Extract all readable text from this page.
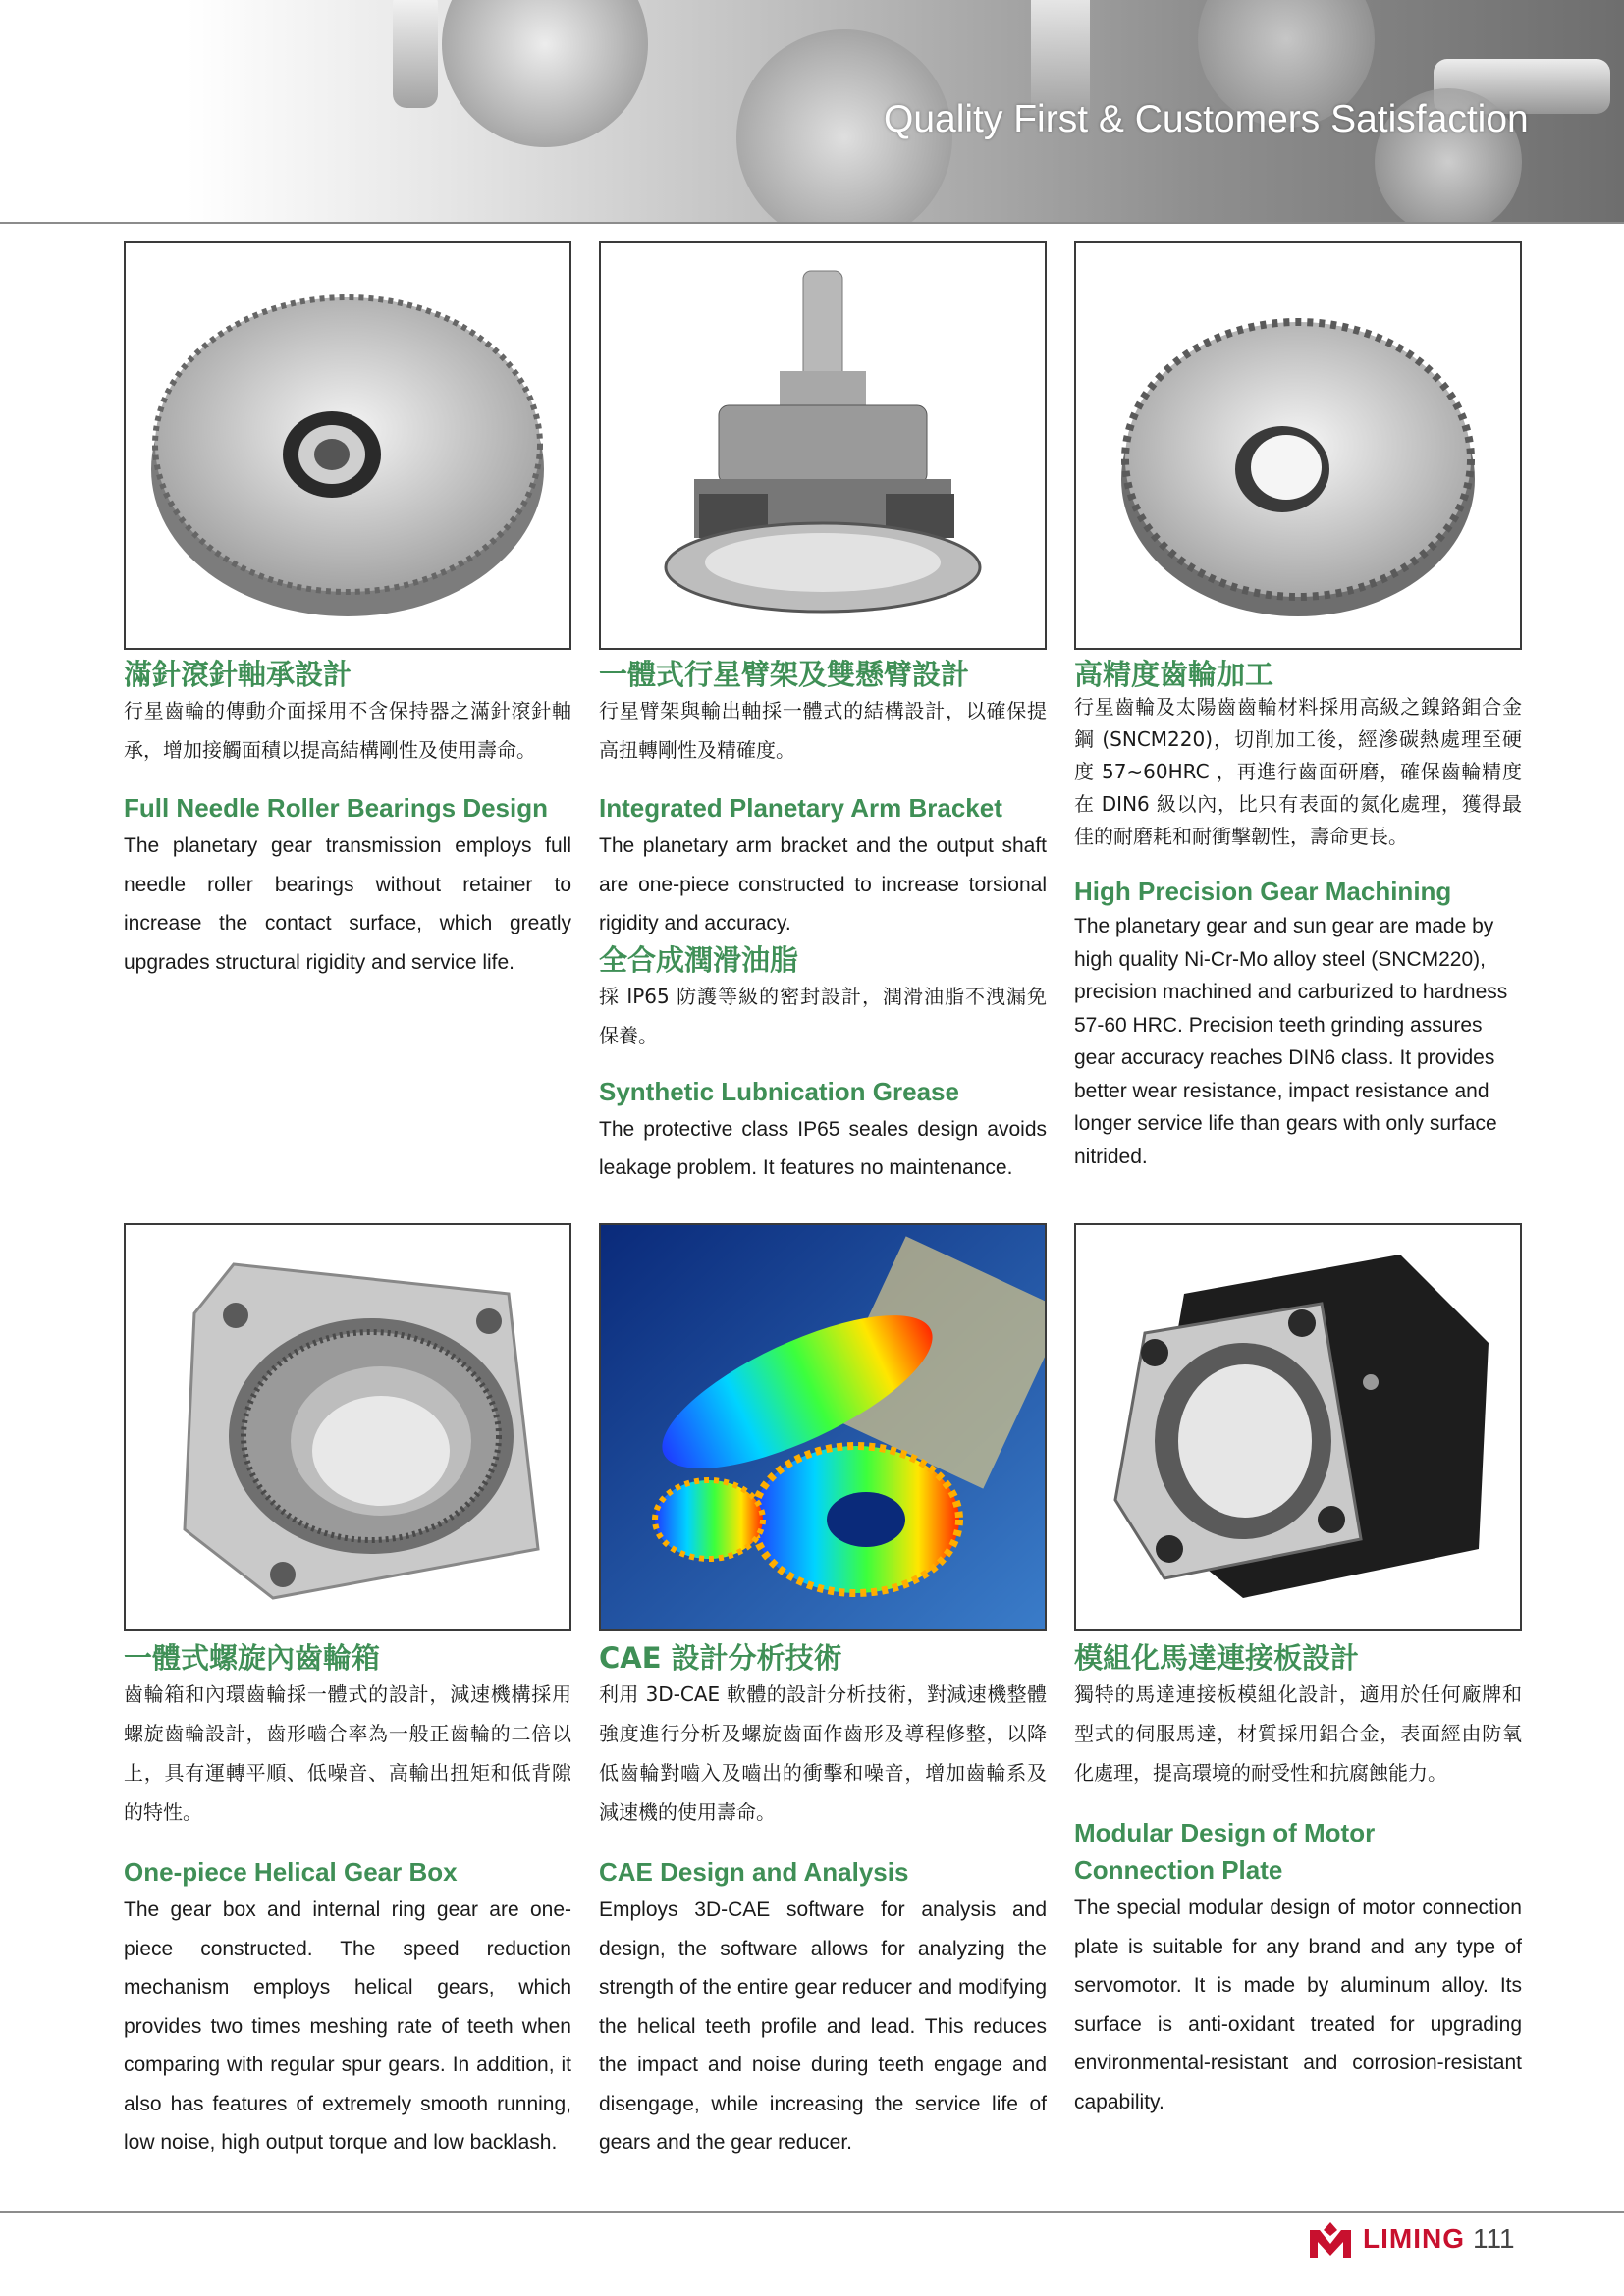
Quality First & Customers Satisfaction
滿針滾針軸承設計

行星齒輪的傳動介面採用不含保持器之滿針滾針軸承，增加接觸面積以提高結構剛性及使用壽命。

Full Needle Roller Bearings Design

The planetary gear transmission employs full needle roller bearings without retainer to increase the contact surface, which greatly upgrades structural rigidity and service life.

一體式行星臂架及雙懸臂設計

行星臂架與輸出軸採一體式的結構設計，以確保提高扭轉剛性及精確度。

Integrated Planetary Arm Bracket

The planetary arm bracket and the output shaft are one-piece constructed to increase torsional rigidity and accuracy.

全合成潤滑油脂

採 IP65 防護等級的密封設計，潤滑油脂不洩漏免保養。

Synthetic Lubnication Grease

The protective class IP65 seales design avoids leakage problem. It features no maintenance.

高精度齒輪加工

行星齒輪及太陽齒齒輪材料採用高級之鎳鉻鉬合金鋼 (SNCM220)，切削加工後，經滲碳熱處理至硬度 57~60HRC ，再進行齒面研磨，確保齒輪精度在 DIN6 級以內，比只有表面的氮化處理，獲得最佳的耐磨耗和耐衝擊韌性，壽命更長。

High Precision Gear Machining

The planetary gear and sun gear are made by high quality Ni-Cr-Mo alloy steel (SNCM220), precision machined and carburized to hardness 57-60 HRC. Precision teeth grinding assures gear accuracy reaches DIN6 class. It provides better wear resistance, impact resistance and longer service life than gears with only surface nitrided.

一體式螺旋內齒輪箱

齒輪箱和內環齒輪採一體式的設計，減速機構採用螺旋齒輪設計，齒形嚙合率為一般正齒輪的二倍以上，具有運轉平順、低噪音、高輸出扭矩和低背隙的特性。

One-piece Helical Gear Box

The gear box and internal ring gear are one-piece constructed. The speed reduction mechanism employs helical gears, which provides two times meshing rate of teeth when comparing with regular spur gears. In addition, it also has features of extremely smooth running, low noise, high output torque and low backlash.

CAE 設計分析技術

利用 3D-CAE 軟體的設計分析技術，對減速機整體強度進行分析及螺旋齒面作齒形及導程修整，以降低齒輪對嚙入及嚙出的衝擊和噪音，增加齒輪系及減速機的使用壽命。

CAE Design and Analysis

Employs 3D-CAE software for analysis and design, the software allows for analyzing the strength of the entire gear reducer and modifying the helical teeth profile and lead. This reduces the impact and noise during teeth engage and disengage, while increasing the service life of gears and the gear reducer.

模組化馬達連接板設計

獨特的馬達連接板模組化設計，適用於任何廠牌和型式的伺服馬達，材質採用鋁合金，表面經由防氧化處理，提高環境的耐受性和抗腐蝕能力。

Modular Design of Motor Connection Plate

The special modular design of motor connection plate is suitable for any brand and any type of servomotor. It is made by aluminum alloy. Its surface is anti-oxidant treated for upgrading environmental-resistant and corrosion-resistant capability.

LIMING 111
